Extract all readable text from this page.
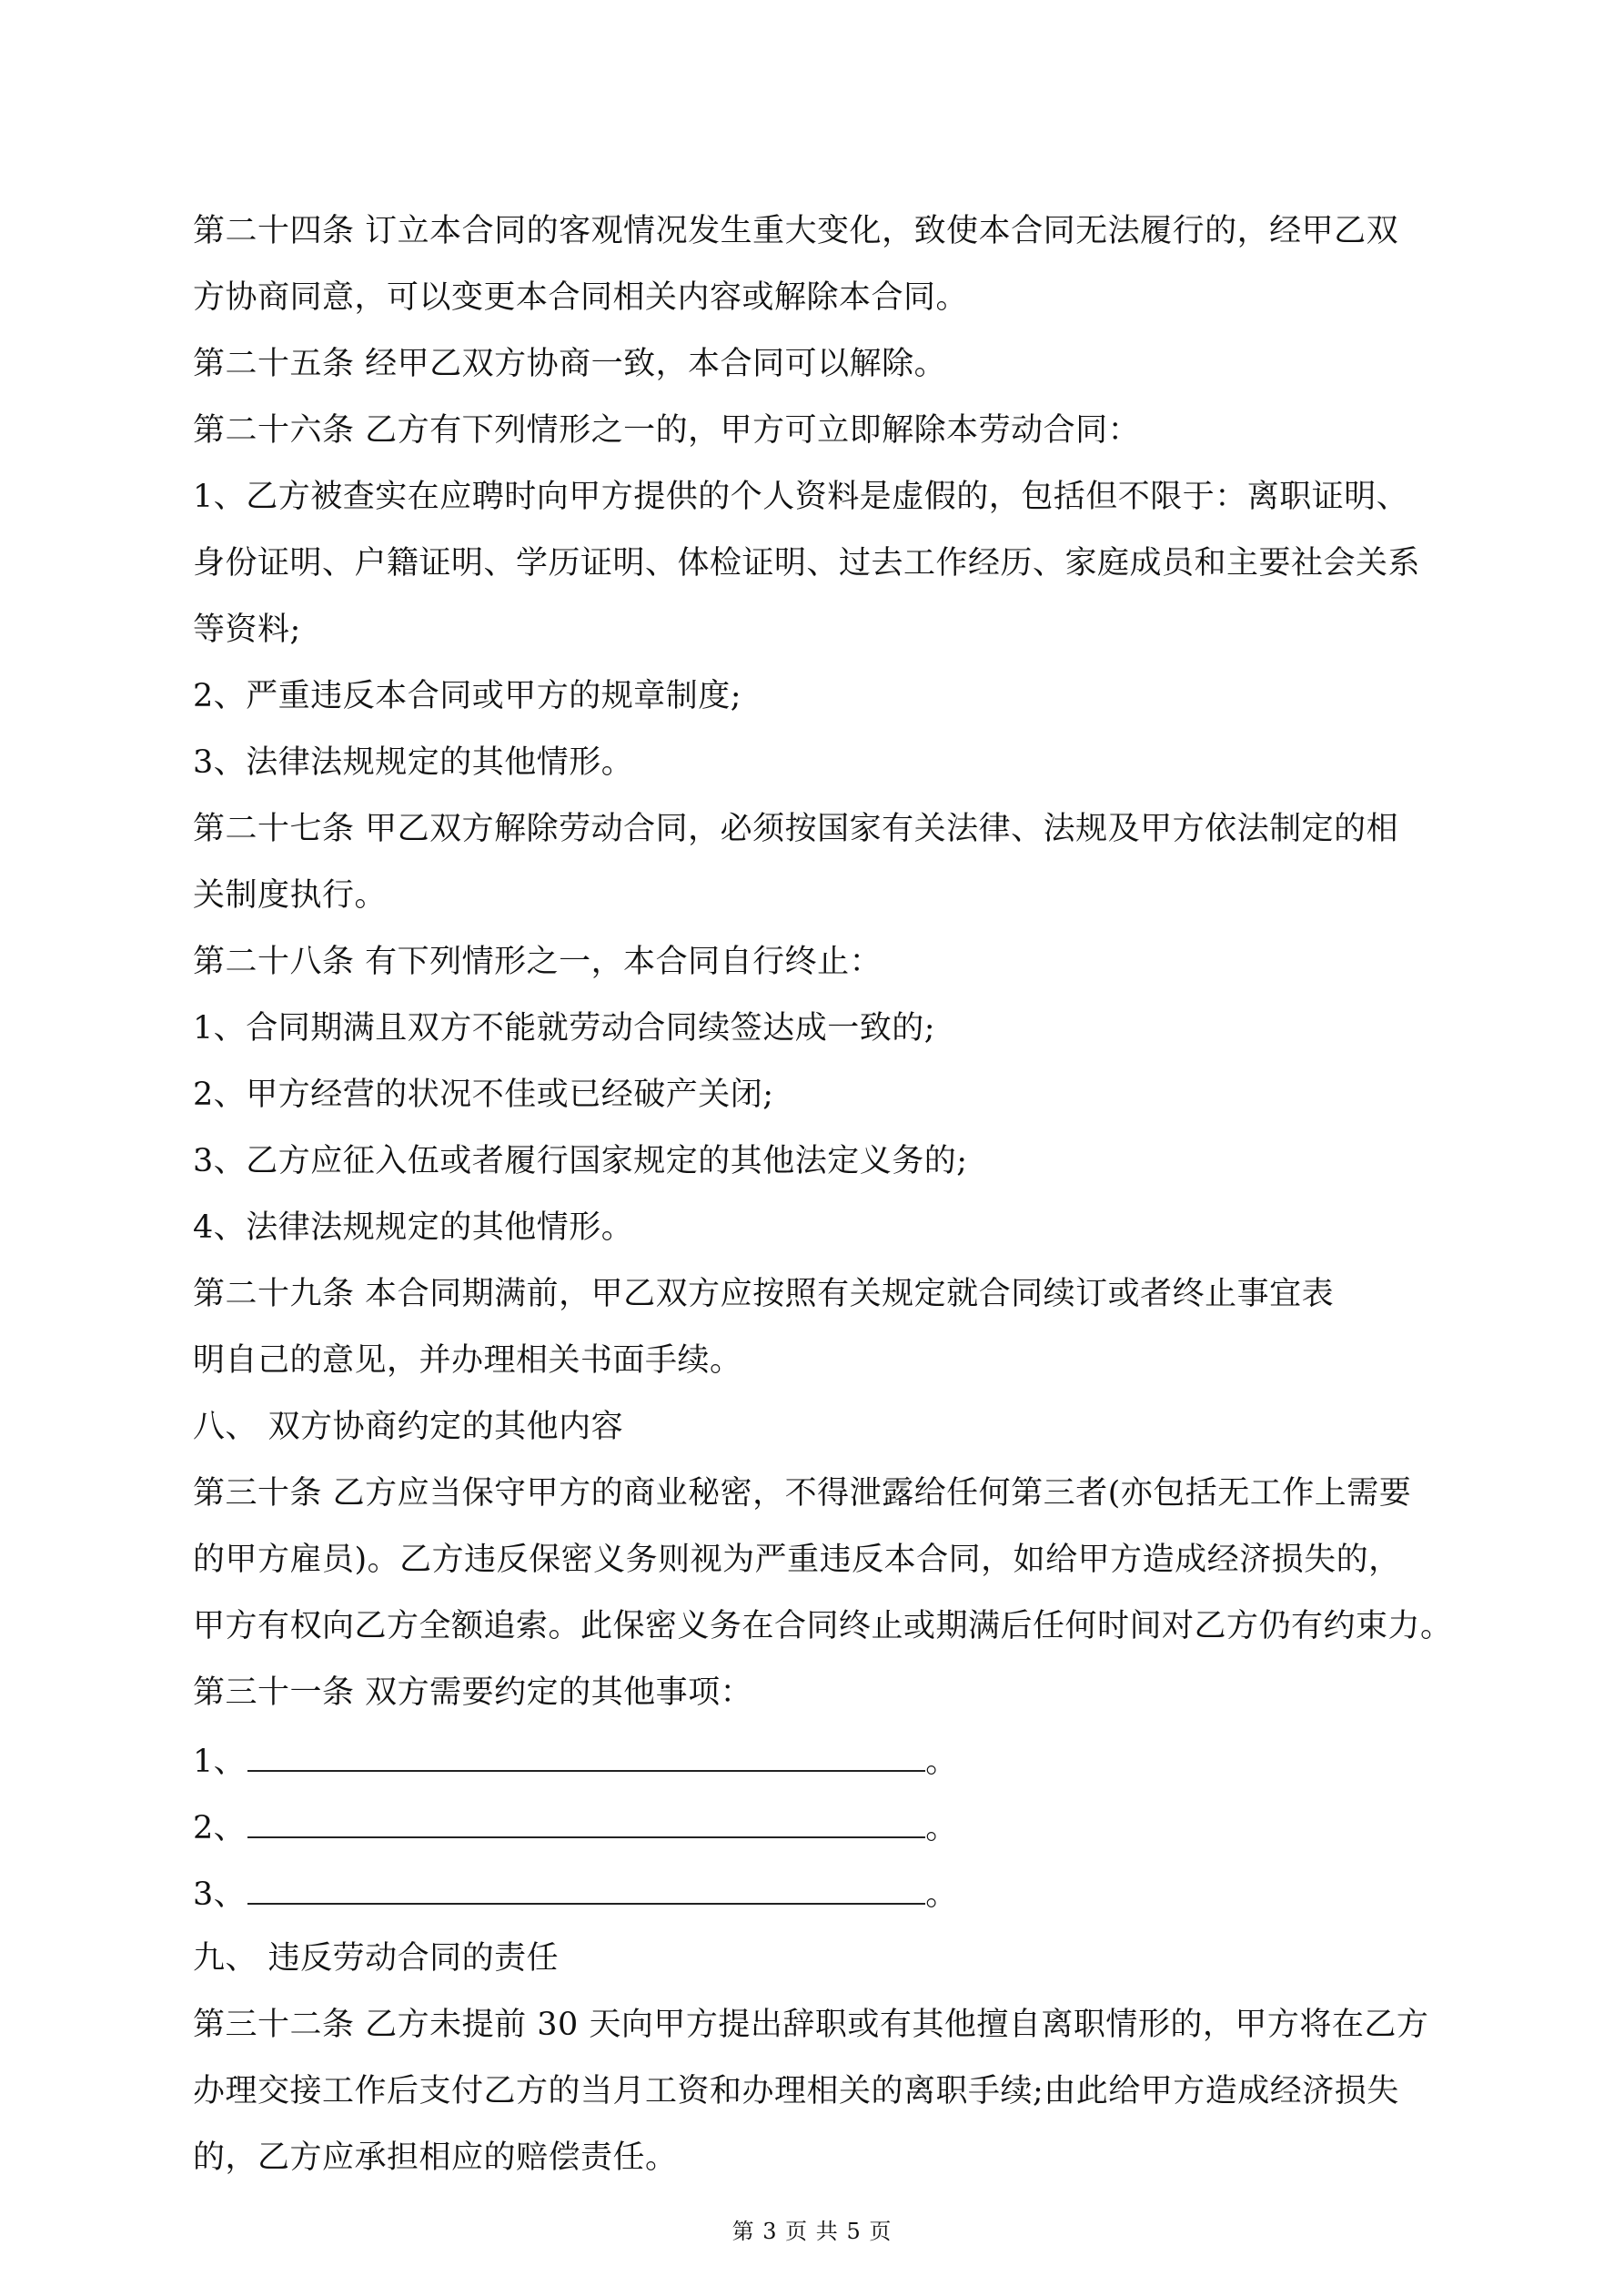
第二十四条 订立本合同的客观情况发生重大变化，致使本合同无法履行的，经甲乙双
方协商同意，可以变更本合同相关内容或解除本合同。
第二十五条 经甲乙双方协商一致，本合同可以解除。
第二十六条 乙方有下列情形之一的，甲方可立即解除本劳动合同：
1、乙方被查实在应聘时向甲方提供的个人资料是虚假的，包括但不限于：离职证明、
身份证明、户籍证明、学历证明、体检证明、过去工作经历、家庭成员和主要社会关系
等资料;
2、严重违反本合同或甲方的规章制度;
3、法律法规规定的其他情形。
第二十七条 甲乙双方解除劳动合同，必须按国家有关法律、法规及甲方依法制定的相
关制度执行。
第二十八条 有下列情形之一，本合同自行终止：
1、合同期满且双方不能就劳动合同续签达成一致的;
2、甲方经营的状况不佳或已经破产关闭;
3、乙方应征入伍或者履行国家规定的其他法定义务的;
4、法律法规规定的其他情形。
第二十九条 本合同期满前，甲乙双方应按照有关规定就合同续订或者终止事宜表
明自己的意见，并办理相关书面手续。
八、 双方协商约定的其他内容
第三十条 乙方应当保守甲方的商业秘密，不得泄露给任何第三者(亦包括无工作上需要
的甲方雇员)。乙方违反保密义务则视为严重违反本合同，如给甲方造成经济损失的，
甲方有权向乙方全额追索。此保密义务在合同终止或期满后任何时间对乙方仍有约束力。
第三十一条 双方需要约定的其他事项：
1、	。
2、	。
3、	。
九、 违反劳动合同的责任
第三十二条 乙方未提前 30 天向甲方提出辞职或有其他擅自离职情形的，甲方将在乙方
办理交接工作后支付乙方的当月工资和办理相关的离职手续;由此给甲方造成经济损失
的，乙方应承担相应的赔偿责任。
第 3 页 共 5 页
